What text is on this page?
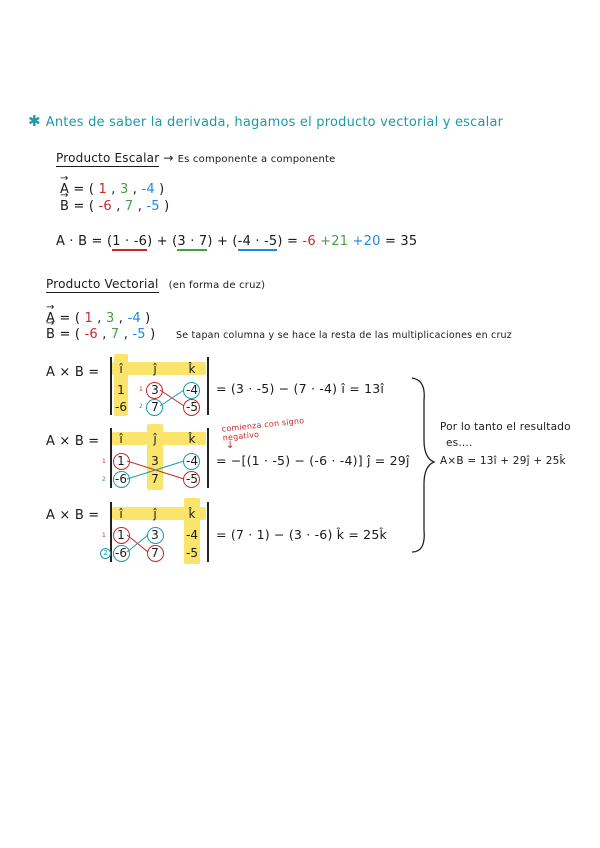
✱ Antes de saber la derivada, hagamos el producto vectorial y escalar
Producto Escalar → Es componente a componente
→ A = ( 1 , 3 , -4 )
→ B = ( -6 , 7 , -5 )
A · B = (1 · -6) + (3 · 7) + (-4 · -5) = -6 +21 +20 = 35
Producto Vectorial (en forma de cruz)
→ A = ( 1 , 3 , -4 )
→ B = ( -6 , 7 , -5 ) Se tapan columna y se hace la resta de las multiplicaciones en cruz
A × B =	î	ĵ	k̂
1	3	-4
-6	7	-5
1
2
= (3 · -5) − (7 · -4) î = 13î
A × B =	î	ĵ	k̂
1	3	-4
-6	7	-5
1
2
comienza con signo negativo
↓
= −[(1 · -5) − (-6 · -4)] ĵ = 29ĵ
A × B =	î	ĵ	k̂
1	3	-4
-6	7	-5
1
2
= (7 · 1) − (3 · -6) k̂ = 25k̂
Por lo tanto el resultado
es....
A×B = 13î + 29ĵ + 25k̂
